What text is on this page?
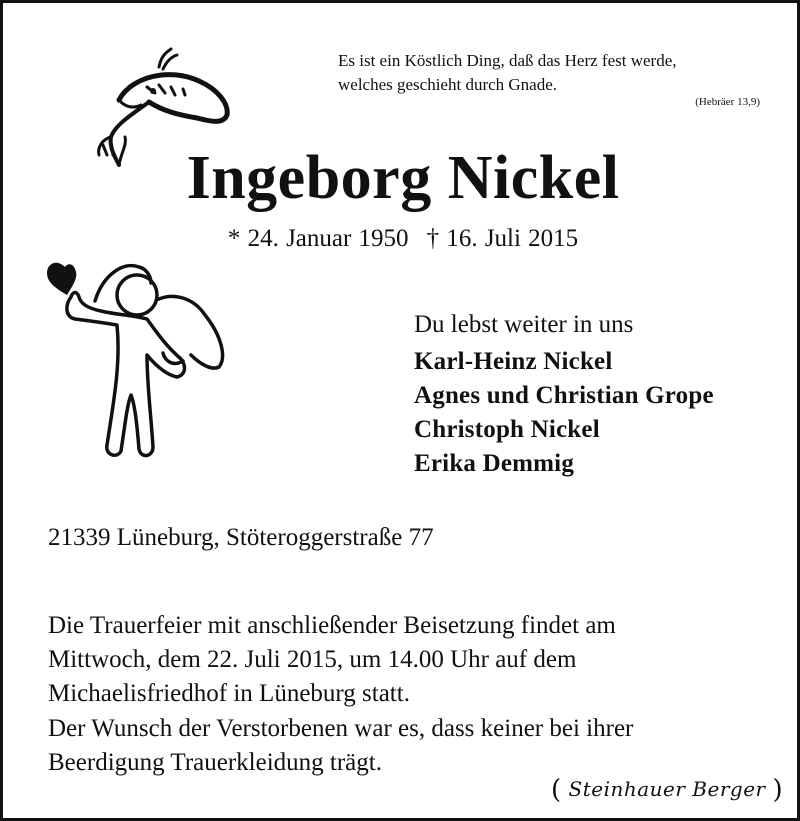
Es ist ein Köstlich Ding, daß das Herz fest werde,
welches geschieht durch Gnade.
(Hebräer 13,9)
Ingeborg Nickel
* 24. Januar 1950 † 16. Juli 2015
Du lebst weiter in uns
Karl-Heinz Nickel
Agnes und Christian Grope
Christoph Nickel
Erika Demmig
21339 Lüneburg, Stöteroggerstraße 77
Die Trauerfeier mit anschließender Beisetzung findet am
Mittwoch, dem 22. Juli 2015, um 14.00 Uhr auf dem
Michaelisfriedhof in Lüneburg statt.
Der Wunsch der Verstorbenen war es, dass keiner bei ihrer
Beerdigung Trauerkleidung trägt.
( Steinhauer Berger )
